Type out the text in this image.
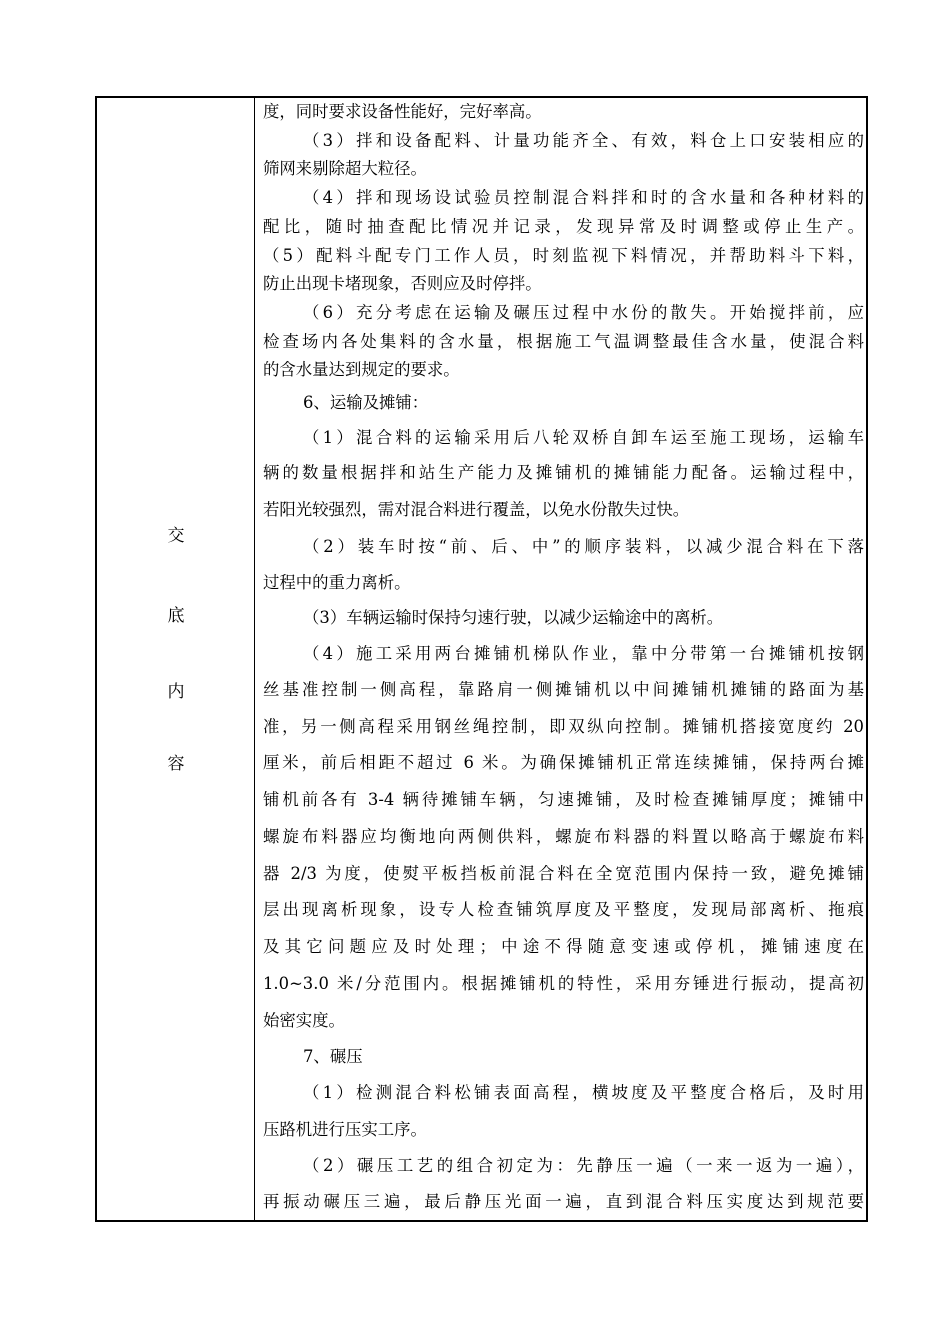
交
底
内
容
度，同时要求设备性能好，完好率高。
（3）拌和设备配料、计量功能齐全、有效，料仓上口安装相应的
筛网来剔除超大粒径。
（4）拌和现场设试验员控制混合料拌和时的含水量和各种材料的
配比，随时抽查配比情况并记录，发现异常及时调整或停止生产。
（5）配料斗配专门工作人员，时刻监视下料情况，并帮助料斗下料，
防止出现卡堵现象，否则应及时停拌。
（6）充分考虑在运输及碾压过程中水份的散失。开始搅拌前，应
检查场内各处集料的含水量，根据施工气温调整最佳含水量，使混合料
的含水量达到规定的要求。
6、运输及摊铺：
（1）混合料的运输采用后八轮双桥自卸车运至施工现场，运输车
辆的数量根据拌和站生产能力及摊铺机的摊铺能力配备。运输过程中，
若阳光较强烈，需对混合料进行覆盖，以免水份散失过快。
（2）装车时按“前、后、中”的顺序装料，以减少混合料在下落
过程中的重力离析。
（3）车辆运输时保持匀速行驶，以减少运输途中的离析。
（4）施工采用两台摊铺机梯队作业，靠中分带第一台摊铺机按钢
丝基准控制一侧高程，靠路肩一侧摊铺机以中间摊铺机摊铺的路面为基
准，另一侧高程采用钢丝绳控制，即双纵向控制。摊铺机搭接宽度约 20
厘米，前后相距不超过 6 米。为确保摊铺机正常连续摊铺，保持两台摊
铺机前各有 3-4 辆待摊铺车辆，匀速摊铺，及时检查摊铺厚度；摊铺中
螺旋布料器应均衡地向两侧供料，螺旋布料器的料置以略高于螺旋布料
器 2/3 为度，使熨平板挡板前混合料在全宽范围内保持一致，避免摊铺
层出现离析现象，设专人检查铺筑厚度及平整度，发现局部离析、拖痕
及其它问题应及时处理；中途不得随意变速或停机，摊铺速度在
1.0~3.0 米/分范围内。根据摊铺机的特性，采用夯锤进行振动，提高初
始密实度。
7、碾压
（1）检测混合料松铺表面高程，横坡度及平整度合格后，及时用
压路机进行压实工序。
（2）碾压工艺的组合初定为：先静压一遍（一来一返为一遍），
再振动碾压三遍，最后静压光面一遍，直到混合料压实度达到规范要
